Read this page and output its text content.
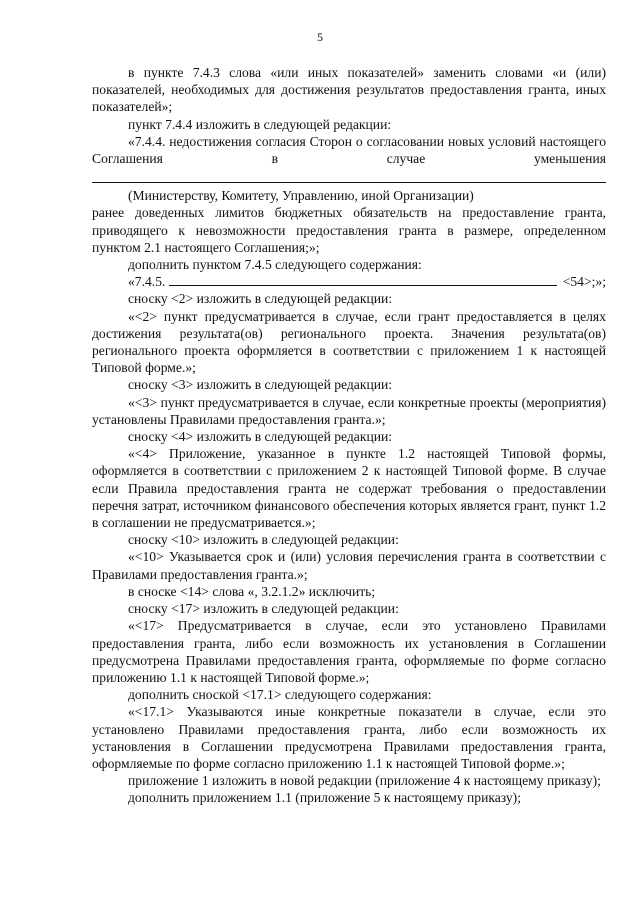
5

в пункте 7.4.3 слова «или иных показателей» заменить словами «и (или) показателей, необходимых для достижения результатов предоставления гранта, иных показателей»;

пункт 7.4.4 изложить в следующей редакции:

«7.4.4. недостижения согласия Сторон о согласовании новых условий настоящего Соглашения в случае уменьшения

(Министерству, Комитету, Управлению, иной Организации)

ранее доведенных лимитов бюджетных обязательств на предоставление гранта, приводящего к невозможности предоставления гранта в размере, определенном пунктом 2.1 настоящего Соглашения;»;

дополнить пунктом 7.4.5 следующего содержания:

«7.4.5.	<54>;»;

сноску <2> изложить в следующей редакции:

«<2> пункт предусматривается в случае, если грант предоставляется в целях достижения результата(ов) регионального проекта. Значения результата(ов) регионального проекта оформляется в соответствии с приложением 1 к настоящей Типовой форме.»;

сноску <3> изложить в следующей редакции:

«<3> пункт предусматривается в случае, если конкретные проекты (мероприятия) установлены Правилами предоставления гранта.»;

сноску <4> изложить в следующей редакции:

«<4> Приложение, указанное в пункте 1.2 настоящей Типовой формы, оформляется в соответствии с приложением 2 к настоящей Типовой форме. В случае если Правила предоставления гранта не содержат требования о предоставлении перечня затрат, источником финансового обеспечения которых является грант, пункт 1.2 в соглашении не предусматривается.»;

сноску <10> изложить в следующей редакции:

«<10> Указывается срок и (или) условия перечисления гранта в соответствии с Правилами предоставления гранта.»;

в сноске <14> слова «, 3.2.1.2» исключить;

сноску <17> изложить в следующей редакции:

«<17> Предусматривается в случае, если это установлено Правилами предоставления гранта, либо если возможность их установления в Соглашении предусмотрена Правилами предоставления гранта, оформляемые по форме согласно приложению 1.1 к настоящей Типовой форме.»;

дополнить сноской <17.1> следующего содержания:

«<17.1> Указываются иные конкретные показатели в случае, если это установлено Правилами предоставления гранта, либо если возможность их установления в Соглашении предусмотрена Правилами предоставления гранта, оформляемые по форме согласно приложению 1.1 к настоящей Типовой форме.»;

приложение 1 изложить в новой редакции (приложение 4 к настоящему приказу);

дополнить приложением 1.1 (приложение 5 к настоящему приказу);
